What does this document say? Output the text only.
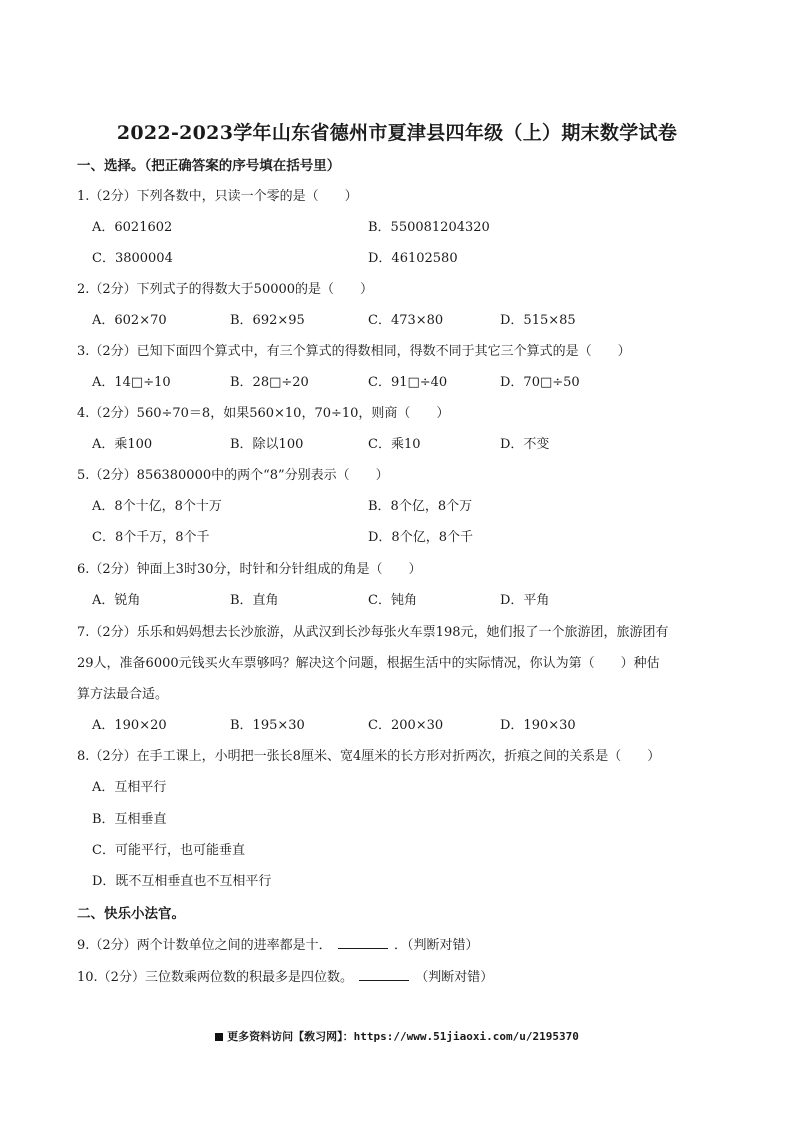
2022-2023学年山东省德州市夏津县四年级（上）期末数学试卷
一、选择。（把正确答案的序号填在括号里）
1.（2分）下列各数中，只读一个零的是（　　）
A．6021602	B．550081204320
C．3800004	D．46102580
2.（2分）下列式子的得数大于50000的是（　　）
A．602×70	B．692×95	C．473×80	D．515×85
3.（2分）已知下面四个算式中，有三个算式的得数相同，得数不同于其它三个算式的是（　　）
A．14□÷10	B．28□÷20	C．91□÷40	D．70□÷50
4.（2分）560÷70＝8，如果560×10，70÷10，则商（　　）
A．乘100	B．除以100	C．乘10	D．不变
5.（2分）856380000中的两个“8”分别表示（　　）
A．8个十亿，8个十万	B．8个亿，8个万
C．8个千万，8个千	D．8个亿，8个千
6.（2分）钟面上3时30分，时针和分针组成的角是（　　）
A．锐角	B．直角	C．钝角	D．平角
7.（2分）乐乐和妈妈想去长沙旅游，从武汉到长沙每张火车票198元，她们报了一个旅游团，旅游团有
29人，准备6000元钱买火车票够吗？解决这个问题，根据生活中的实际情况，你认为第（　　）种估
算方法最合适。
A．190×20	B．195×30	C．200×30	D．190×30
8.（2分）在手工课上，小明把一张长8厘米、宽4厘米的长方形对折两次，折痕之间的关系是（　　）
A．互相平行
B．互相垂直
C．可能平行，也可能垂直
D．既不互相垂直也不互相平行
二、快乐小法官。
9.（2分）两个计数单位之间的进率都是十．	．（判断对错）
10.（2分）三位数乘两位数的积最多是四位数。	（判断对错）
更多资料访问【敎习网】：https://www.51jiaoxi.com/u/2195370
